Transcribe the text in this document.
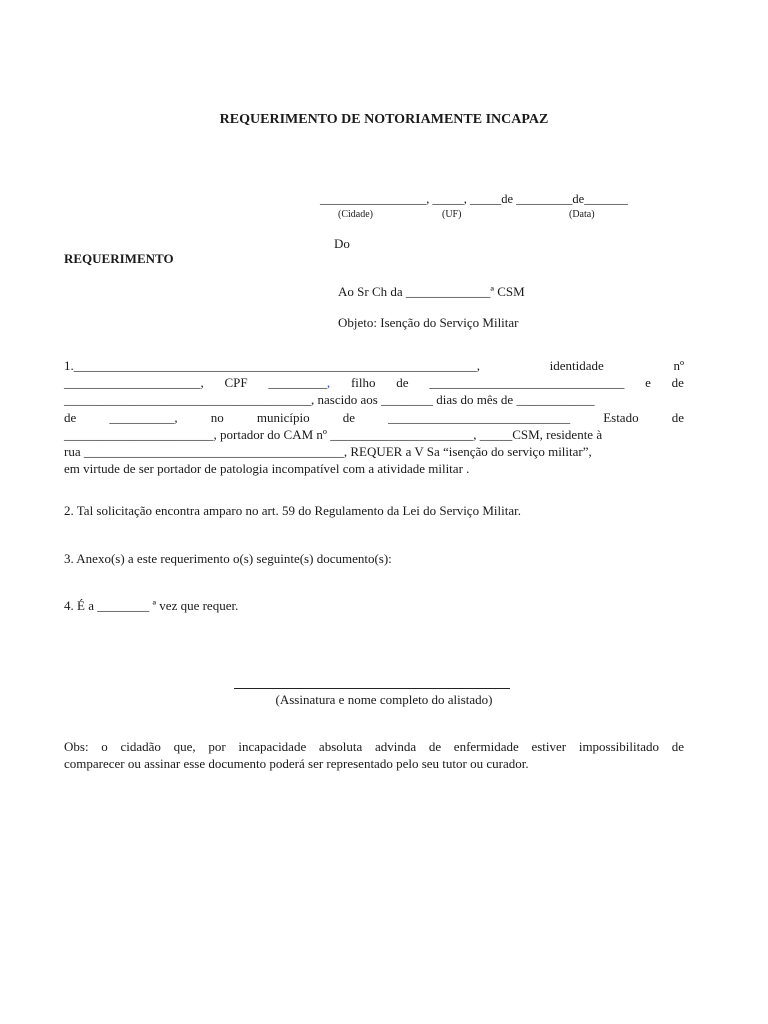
REQUERIMENTO DE NOTORIAMENTE INCAPAZ
_________________, _____, _____de _________de_______
(Cidade)	(UF)	(Data)
Do
REQUERIMENTO
Ao Sr Ch da _____________ª CSM
Objeto: Isenção do Serviço Militar
1.______________________________________________________________,	identidade	nº
_____________________, CPF _________, filho de ______________________________ e de
______________________________________, nascido aos ________ dias do mês de ____________
de	__________,	no	município	de	____________________________	Estado	de
_______________________, portador do CAM nº ______________________, _____CSM, residente à
rua ________________________________________, REQUER a V Sa “isenção do serviço militar”,
em virtude de ser portador de patologia incompatível com a atividade militar .
2. Tal solicitação encontra amparo no art. 59 do Regulamento da Lei do Serviço Militar.
3. Anexo(s) a este requerimento o(s) seguinte(s) documento(s):
4. É a ________ ª vez que requer.
(Assinatura e nome completo do alistado)
Obs: o cidadão que, por incapacidade absoluta advinda de enfermidade estiver impossibilitado de
comparecer ou assinar esse documento poderá ser representado pelo seu tutor ou curador.
